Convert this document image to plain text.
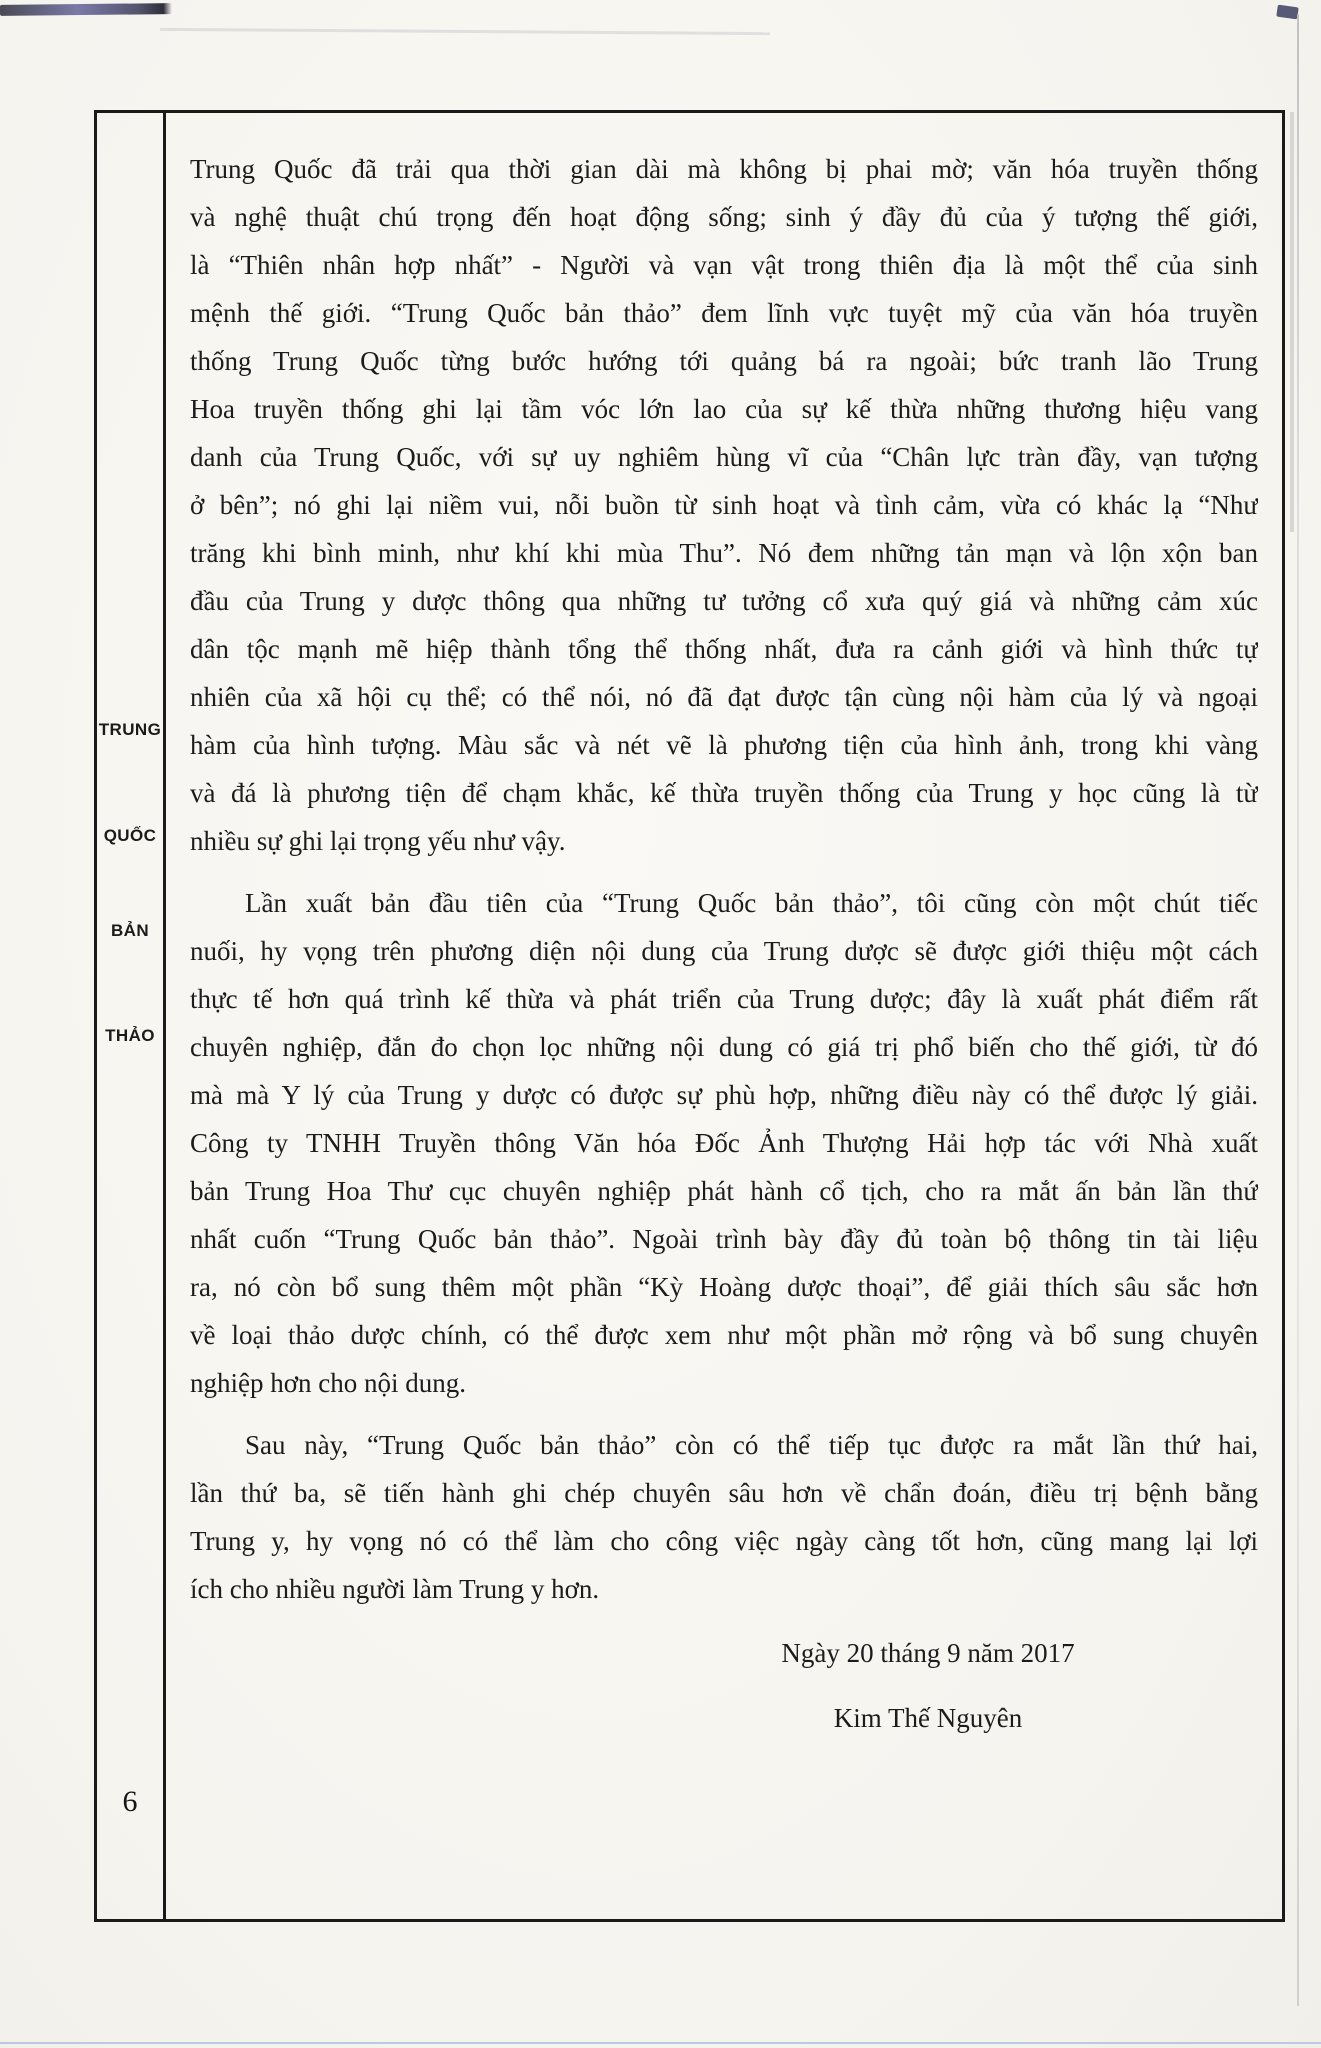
TRUNG
QUỐC
BẢN
THẢO
6
Trung Quốc đã trải qua thời gian dài mà không bị phai mờ; văn hóa truyền thống
và nghệ thuật chú trọng đến hoạt động sống; sinh ý đầy đủ của ý tượng thế giới,
là “Thiên nhân hợp nhất” - Người và vạn vật trong thiên địa là một thể của sinh
mệnh thế giới. “Trung Quốc bản thảo” đem lĩnh vực tuyệt mỹ của văn hóa truyền
thống Trung Quốc từng bước hướng tới quảng bá ra ngoài; bức tranh lão Trung
Hoa truyền thống ghi lại tầm vóc lớn lao của sự kế thừa những thương hiệu vang
danh của Trung Quốc, với sự uy nghiêm hùng vĩ của “Chân lực tràn đầy, vạn tượng
ở bên”; nó ghi lại niềm vui, nỗi buồn từ sinh hoạt và tình cảm, vừa có khác lạ “Như
trăng khi bình minh, như khí khi mùa Thu”. Nó đem những tản mạn và lộn xộn ban
đầu của Trung y dược thông qua những tư tưởng cổ xưa quý giá và những cảm xúc
dân tộc mạnh mẽ hiệp thành tổng thể thống nhất, đưa ra cảnh giới và hình thức tự
nhiên của xã hội cụ thể; có thể nói, nó đã đạt được tận cùng nội hàm của lý và ngoại
hàm của hình tượng. Màu sắc và nét vẽ là phương tiện của hình ảnh, trong khi vàng
và đá là phương tiện để chạm khắc, kế thừa truyền thống của Trung y học cũng là từ
nhiều sự ghi lại trọng yếu như vậy.
Lần xuất bản đầu tiên của “Trung Quốc bản thảo”, tôi cũng còn một chút tiếc
nuối, hy vọng trên phương diện nội dung của Trung dược sẽ được giới thiệu một cách
thực tế hơn quá trình kế thừa và phát triển của Trung dược; đây là xuất phát điểm rất
chuyên nghiệp, đắn đo chọn lọc những nội dung có giá trị phổ biến cho thế giới, từ đó
mà mà Y lý của Trung y dược có được sự phù hợp, những điều này có thể được lý giải.
Công ty TNHH Truyền thông Văn hóa Đốc Ảnh Thượng Hải hợp tác với Nhà xuất
bản Trung Hoa Thư cục chuyên nghiệp phát hành cổ tịch, cho ra mắt ấn bản lần thứ
nhất cuốn “Trung Quốc bản thảo”. Ngoài trình bày đầy đủ toàn bộ thông tin tài liệu
ra, nó còn bổ sung thêm một phần “Kỳ Hoàng dược thoại”, để giải thích sâu sắc hơn
về loại thảo dược chính, có thể được xem như một phần mở rộng và bổ sung chuyên
nghiệp hơn cho nội dung.
Sau này, “Trung Quốc bản thảo” còn có thể tiếp tục được ra mắt lần thứ hai,
lần thứ ba, sẽ tiến hành ghi chép chuyên sâu hơn về chẩn đoán, điều trị bệnh bằng
Trung y, hy vọng nó có thể làm cho công việc ngày càng tốt hơn, cũng mang lại lợi
ích cho nhiều người làm Trung y hơn.
Ngày 20 tháng 9 năm 2017
Kim Thế Nguyên
